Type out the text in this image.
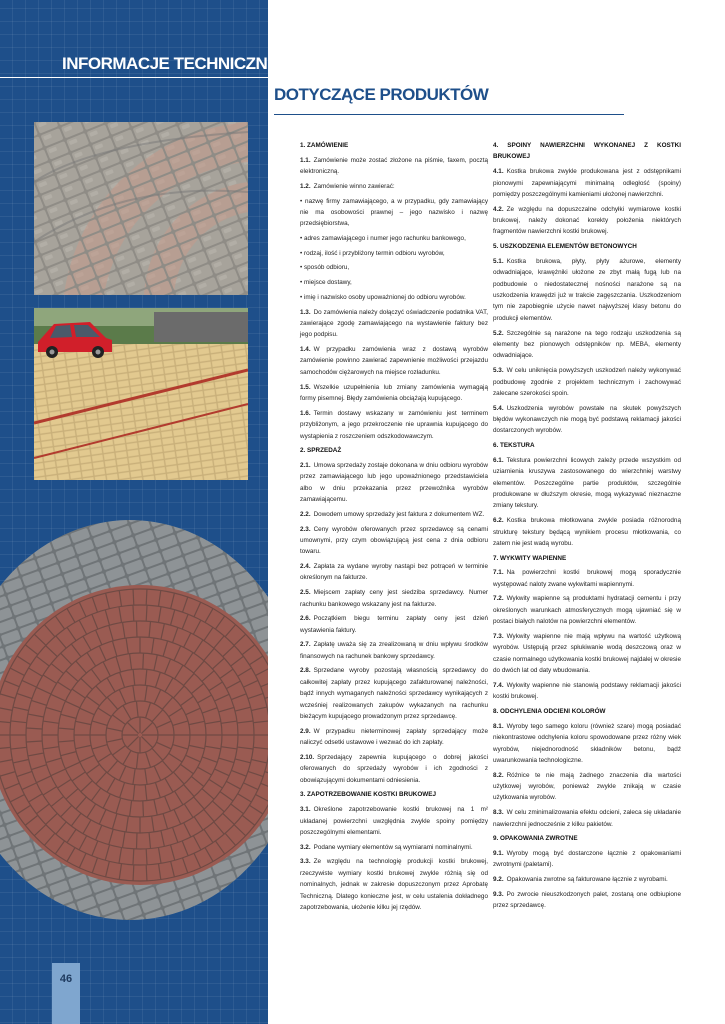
INFORMACJE TECHNICZNE
DOTYCZĄCE PRODUKTÓW
46

1. ZAMÓWIENIE

1.1. Zamówienie może zostać złożone na piśmie, faxem, pocztą elektroniczną.

1.2. Zamówienie winno zawierać:

• nazwę firmy zamawiającego, a w przypadku, gdy zamawiający nie ma osobowości prawnej – jego nazwisko i nazwę przedsiębiorstwa,

• adres zamawiającego i numer jego rachunku bankowego,

• rodzaj, ilość i przybliżony termin odbioru wyrobów,

• sposób odbioru,

• miejsce dostawy,

• imię i nazwisko osoby upoważnionej do odbioru wyrobów.

1.3. Do zamówienia należy dołączyć oświadczenie podatnika VAT, zawierające zgodę zamawiającego na wystawienie faktury bez jego podpisu.

1.4. W przypadku zamówienia wraz z dostawą wyrobów zamówienie powinno zawierać zapewnienie możliwości przejazdu samochodów ciężarowych na miejsce rozładunku.

1.5. Wszelkie uzupełnienia lub zmiany zamówienia wymagają formy pisemnej. Błędy zamówienia obciążają kupującego.

1.6. Termin dostawy wskazany w zamówieniu jest terminem przybliżonym, a jego przekroczenie nie uprawnia kupującego do wystąpienia z roszczeniem odszkodowawczym.

2. SPRZEDAŻ

2.1. Umowa sprzedaży zostaje dokonana w dniu odbioru wyrobów przez zamawiającego lub jego upoważnionego przedstawiciela albo w dniu przekazania przez przewoźnika wyrobów zamawiającemu.

2.2. Dowodem umowy sprzedaży jest faktura z dokumentem WZ.

2.3. Ceny wyrobów oferowanych przez sprzedawcę są cenami umownymi, przy czym obowiązującą jest cena z dnia odbioru towaru.

2.4. Zapłata za wydane wyroby nastąpi bez potrąceń w terminie określonym na fakturze.

2.5. Miejscem zapłaty ceny jest siedziba sprzedawcy. Numer rachunku bankowego wskazany jest na fakturze.

2.6. Początkiem biegu terminu zapłaty ceny jest dzień wystawienia faktury.

2.7. Zapłatę uważa się za zrealizowaną w dniu wpływu środków finansowych na rachunek bankowy sprzedawcy.

2.8. Sprzedane wyroby pozostają własnością sprzedawcy do całkowitej zapłaty przez kupującego zafakturowanej należności, bądź innych wymaganych należności sprzedawcy wynikających z wcześniej realizowanych zakupów wykazanych na rachunku bieżącym kupującego prowadzonym przez sprzedawcę.

2.9. W przypadku nieterminowej zapłaty sprzedający może naliczyć odsetki ustawowe i wezwać do ich zapłaty.

2.10. Sprzedający zapewnia kupującego o dobrej jakości oferowanych do sprzedaży wyrobów i ich zgodności z obowiązującymi dokumentami odniesienia.

3. ZAPOTRZEBOWANIE KOSTKI BRUKOWEJ

3.1. Określone zapotrzebowanie kostki brukowej na 1 m² układanej powierzchni uwzględnia zwykle spoiny pomiędzy poszczególnymi elementami.

3.2. Podane wymiary elementów są wymiarami nominalnymi.

3.3. Ze względu na technologię produkcji kostki brukowej, rzeczywiste wymiary kostki brukowej zwykle różnią się od nominalnych, jednak w zakresie dopuszczonym przez Aprobatę Techniczną. Dlatego konieczne jest, w celu ustalenia dokładnego zapotrzebowania, ułożenie kilku jej rzędów.

4. SPOINY NAWIERZCHNI WYKONANEJ Z KOSTKI BRUKOWEJ

4.1. Kostka brukowa zwykle produkowana jest z odstępnikami pionowymi zapewniającymi minimalną odległość (spoiny) pomiędzy poszczególnymi kamieniami ułożonej nawierzchni.

4.2. Ze względu na dopuszczalne odchyłki wymiarowe kostki brukowej, należy dokonać korekty położenia niektórych fragmentów nawierzchni kostki brukowej.

5. USZKODZENIA ELEMENTÓW BETONOWYCH

5.1. Kostka brukowa, płyty, płyty ażurowe, elementy odwadniające, krawężniki ułożone ze zbyt małą fugą lub na podbudowie o niedostatecznej nośności narażone są na uszkodzenia krawędzi już w trakcie zagęszczania. Uszkodzeniom tym nie zapobiegnie użycie nawet najwyższej klasy betonu do produkcji elementów.

5.2. Szczególnie są narażone na tego rodzaju uszkodzenia są elementy bez pionowych odstępników np. MEBA, elementy odwadniające.

5.3. W celu uniknięcia powyższych uszkodzeń należy wykonywać podbudowę zgodnie z projektem technicznym i zachowywać zalecane szerokości spoin.

5.4. Uszkodzenia wyrobów powstałe na skutek powyższych błędów wykonawczych nie mogą być podstawą reklamacji jakości dostarczonych wyrobów.

6. TEKSTURA

6.1. Tekstura powierzchni licowych zależy przede wszystkim od uziarnienia kruszywa zastosowanego do wierzchniej warstwy elementów. Poszczególne partie produktów, szczególnie produkowane w dłuższym okresie, mogą wykazywać nieznaczne zmiany tekstury.

6.2. Kostka brukowa młotkowana zwykle posiada różnorodną strukturę tekstury będącą wynikiem procesu młotkowania, co zatem nie jest wadą wyrobu.

7. WYKWITY WAPIENNE

7.1. Na powierzchni kostki brukowej mogą sporadycznie występować naloty zwane wykwitami wapiennymi.

7.2. Wykwity wapienne są produktami hydratacji cementu i przy określonych warunkach atmosferycznych mogą ujawniać się w postaci białych nalotów na powierzchni elementów.

7.3. Wykwity wapienne nie mają wpływu na wartość użytkową wyrobów. Ustępują przez spłukiwanie wodą deszczową oraz w czasie normalnego użytkowania kostki brukowej najdalej w okresie do dwóch lat od daty wbudowania.

7.4. Wykwity wapienne nie stanowią podstawy reklamacji jakości kostki brukowej.

8. ODCHYLENIA ODCIENI KOLORÓW

8.1. Wyroby tego samego koloru (również szare) mogą posiadać niekontrastowe odchylenia koloru spowodowane przez różny wiek wyrobów, niejednorodność składników betonu, bądź uwarunkowania technologiczne.

8.2. Różnice te nie mają żadnego znaczenia dla wartości użytkowej wyrobów, ponieważ zwykle znikają w czasie użytkowania wyrobów.

8.3. W celu zminimalizowania efektu odcieni, zaleca się układanie nawierzchni jednocześnie z kilku pakietów.

9. OPAKOWANIA ZWROTNE

9.1. Wyroby mogą być dostarczone łącznie z opakowaniami zwrotnymi (paletami).

9.2. Opakowania zwrotne są fakturowane łącznie z wyrobami.

9.3. Po zwrocie nieuszkodzonych palet, zostaną one odbiupione przez sprzedawcę.
